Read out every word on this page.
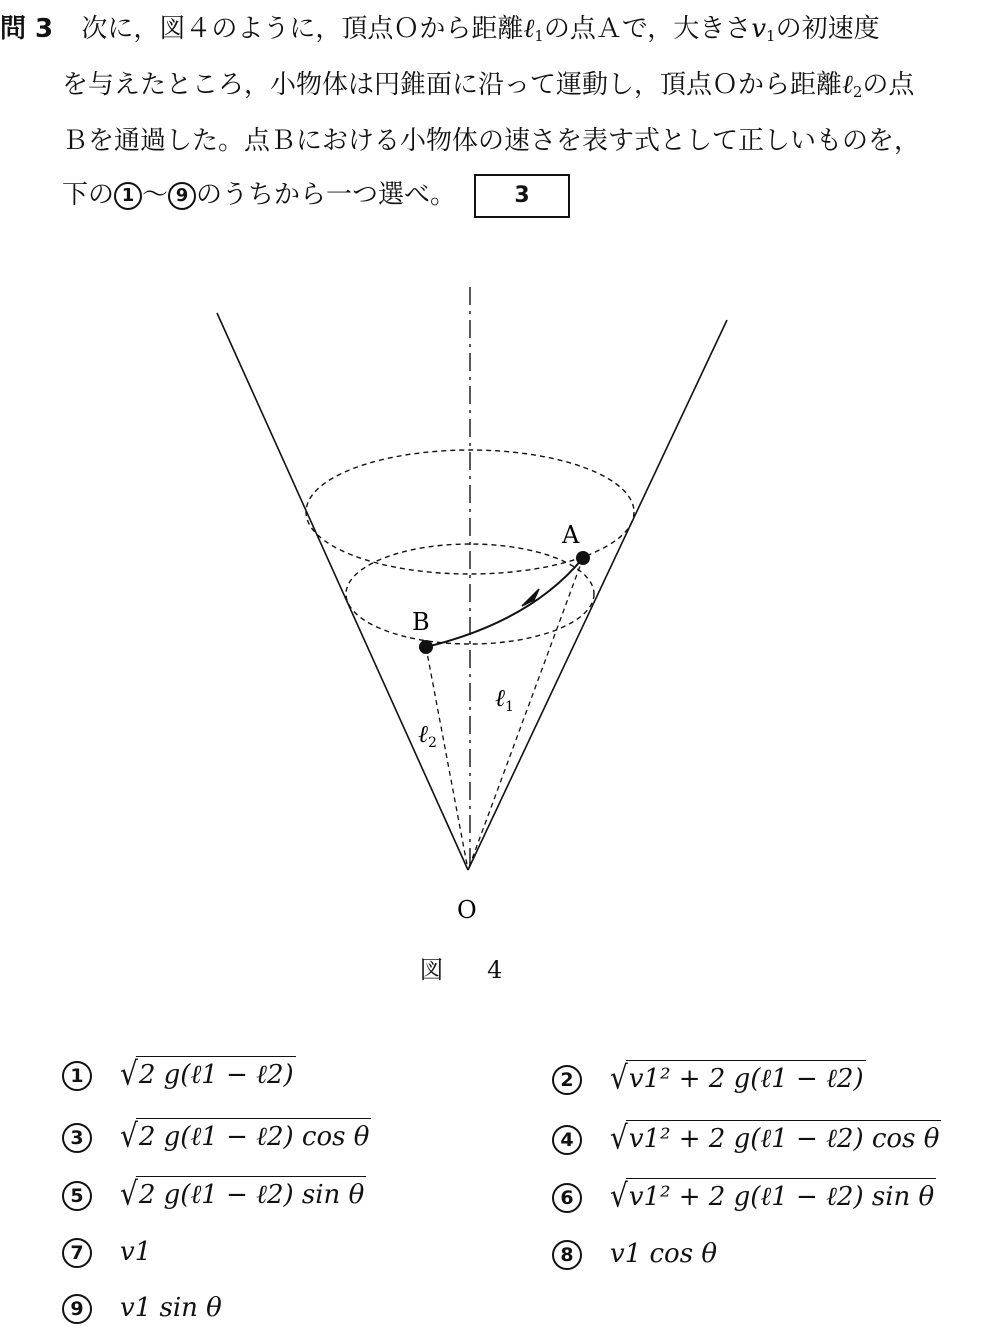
問 3 次に，図４のように，頂点Ｏから距離ℓ$_1$の点Ａで，大きさ$v_1$の初速度
を与えたところ，小物体は円錐面に沿って運動し，頂点Ｏから距離ℓ$_2$の点
Ｂを通過した。点Ｂにおける小物体の速さを表す式として正しいものを，
下の 1 ～ 9 のうちから一つ選べ。	3
A
B
O
ℓ$_1$
ℓ$_2$
図 4
1 √2 g(ℓ1 − ℓ2)	2 √v1² + 2 g(ℓ1 − ℓ2)
3 √2 g(ℓ1 − ℓ2) cos θ	4 √v1² + 2 g(ℓ1 − ℓ2) cos θ
5 √2 g(ℓ1 − ℓ2) sin θ	6 √v1² + 2 g(ℓ1 − ℓ2) sin θ
7 v1	8 v1 cos θ
9 v1 sin θ
